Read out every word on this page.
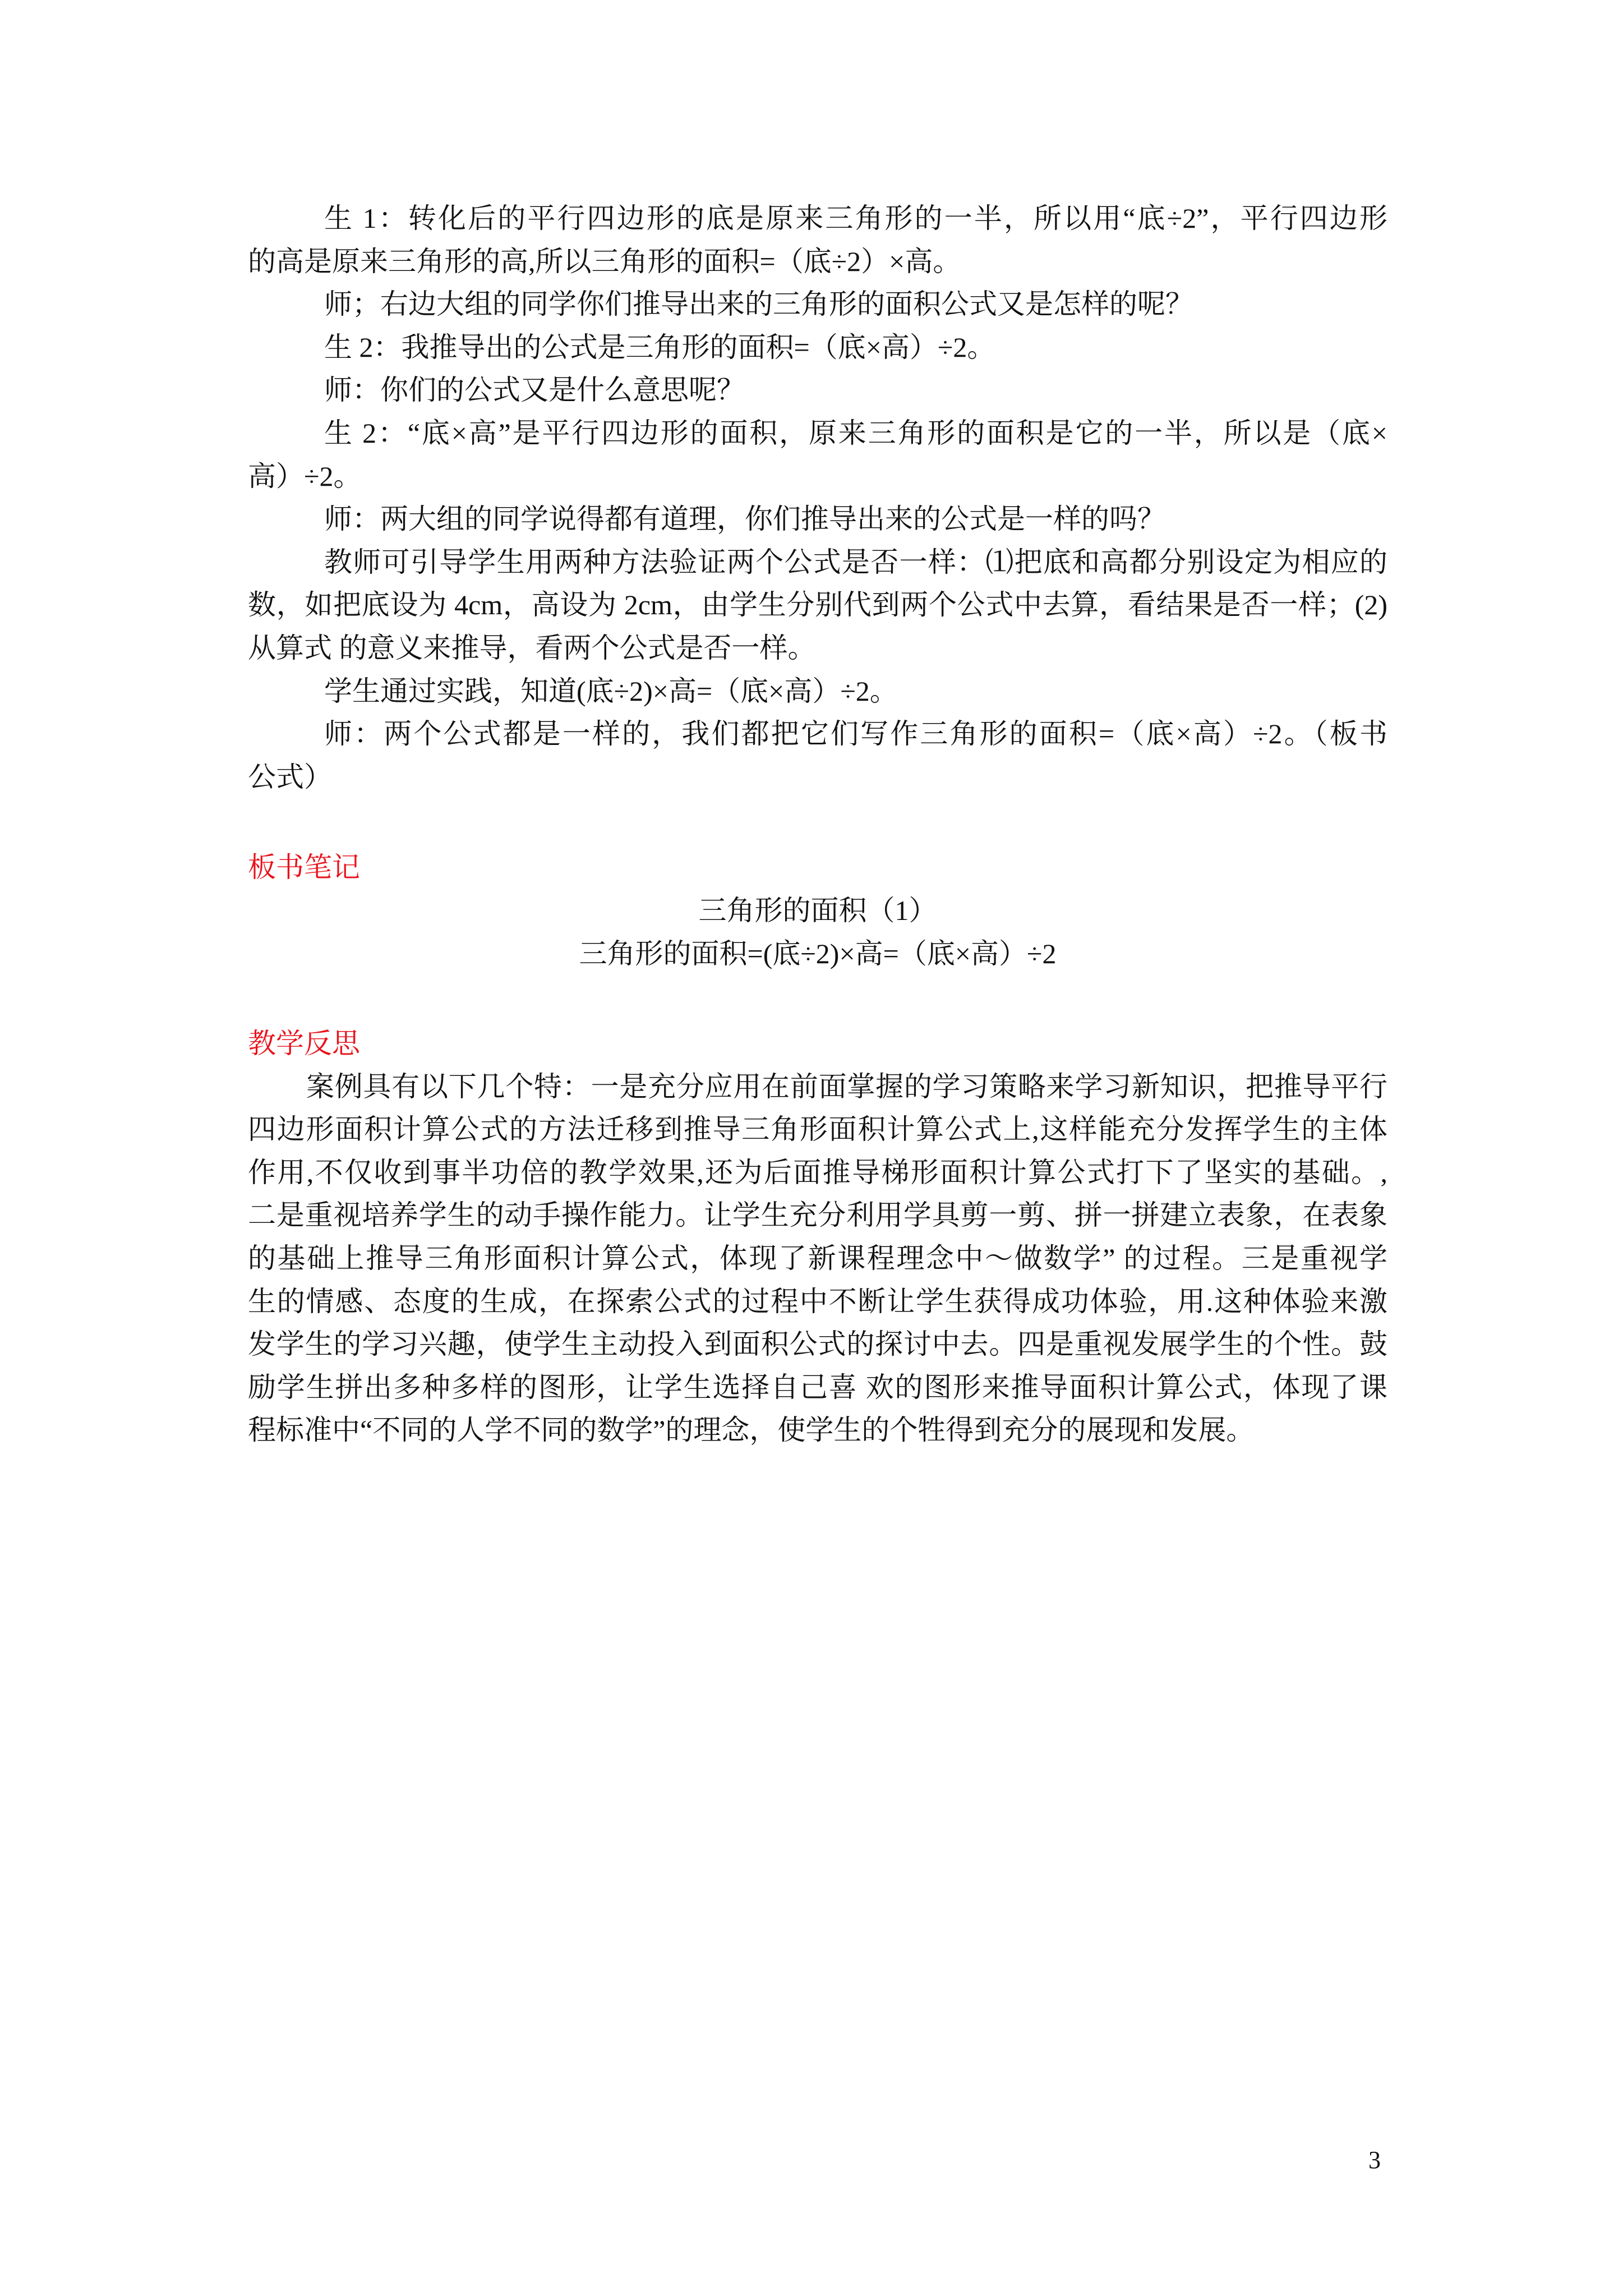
生 1：转化后的平行四边形的底是原来三角形的一半，所以用“底÷2”，平行四边形
的高是原来三角形的高,所以三角形的面积=（底÷2）×高。
师；右边大组的同学你们推导出来的三角形的面积公式又是怎样的呢？
生 2：我推导出的公式是三角形的面积=（底×高）÷2。
师：你们的公式又是什么意思呢？
生 2：“底×高”是平行四边形的面积，原来三角形的面积是它的一半，所以是（底×
高）÷2。
师：两大组的同学说得都有道理，你们推导出来的公式是一样的吗？
教师可引导学生用两种方法验证两个公式是否一样：⑴把底和高都分别设定为相应的
数，如把底设为 4cm，高设为 2cm，由学生分别代到两个公式中去算，看结果是否一样；(2)
从算式 的意义来推导，看两个公式是否一样。
学生通过实践，知道(底÷2)×高=（底×高）÷2。
师：两个公式都是一样的，我们都把它们写作三角形的面积=（底×高）÷2。（板书
公式）
板书笔记
三角形的面积（1）
三角形的面积=(底÷2)×高=（底×高）÷2
教学反思
案例具有以下几个特：一是充分应用在前面掌握的学习策略来学习新知识，把推导平行
四边形面积计算公式的方法迁移到推导三角形面积计算公式上,这样能充分发挥学生的主体
作用,不仅收到事半功倍的教学效果,还为后面推导梯形面积计算公式打下了坚实的基础。,
二是重视培养学生的动手操作能力。让学生充分利用学具剪一剪、拼一拼建立表象，在表象
的基础上推导三角形面积计算公式，体现了新课程理念中～做数学” 的过程。三是重视学
生的情感、态度的生成，在探索公式的过程中不断让学生获得成功体验，用.这种体验来激
发学生的学习兴趣，使学生主动投入到面积公式的探讨中去。四是重视发展学生的个性。鼓
励学生拼出多种多样的图形，让学生选择自己喜 欢的图形来推导面积计算公式，体现了课
程标准中“不同的人学不同的数学”的理念，使学生的个牲得到充分的展现和发展。
3
